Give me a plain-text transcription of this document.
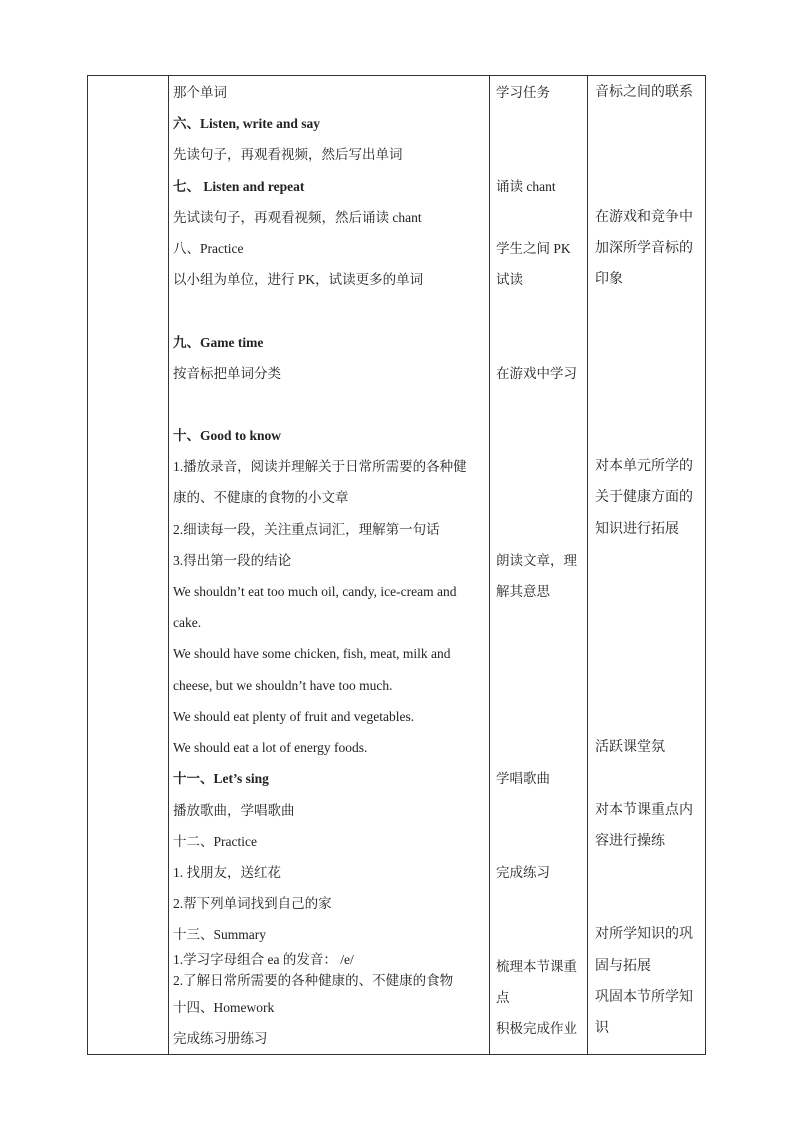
那个单词
六、Listen, write and say
先读句子，再观看视频，然后写出单词
七、 Listen and repeat
先试读句子，再观看视频，然后诵读 chant
八、Practice
以小组为单位，进行 PK，试读更多的单词
九、Game time
按音标把单词分类
十、Good to know
1.播放录音，阅读并理解关于日常所需要的各种健
康的、不健康的食物的小文章
2.细读每一段，关注重点词汇，理解第一句话
3.得出第一段的结论
We shouldn’t eat too much oil, candy, ice-cream and
cake.
We should have some chicken, fish, meat, milk and
cheese, but we shouldn’t have too much.
We should eat plenty of fruit and vegetables.
We should eat a lot of energy foods.
十一、Let’s sing
播放歌曲，学唱歌曲
十二、Practice
1. 找朋友，送红花
2.帮下列单词找到自己的家
十三、Summary
1.学习字母组合 ea 的发音： /e/
2.了解日常所需要的各种健康的、不健康的食物
十四、Homework
完成练习册练习
学习任务
诵读 chant
学生之间 PK
试读
在游戏中学习
朗读文章，理
解其意思
学唱歌曲
完成练习
梳理本节课重
点
积极完成作业
音标之间的联系
在游戏和竞争中
加深所学音标的
印象
对本单元所学的
关于健康方面的
知识进行拓展
活跃课堂氛
对本节课重点内
容进行操练
对所学知识的巩
固与拓展
巩固本节所学知
识
